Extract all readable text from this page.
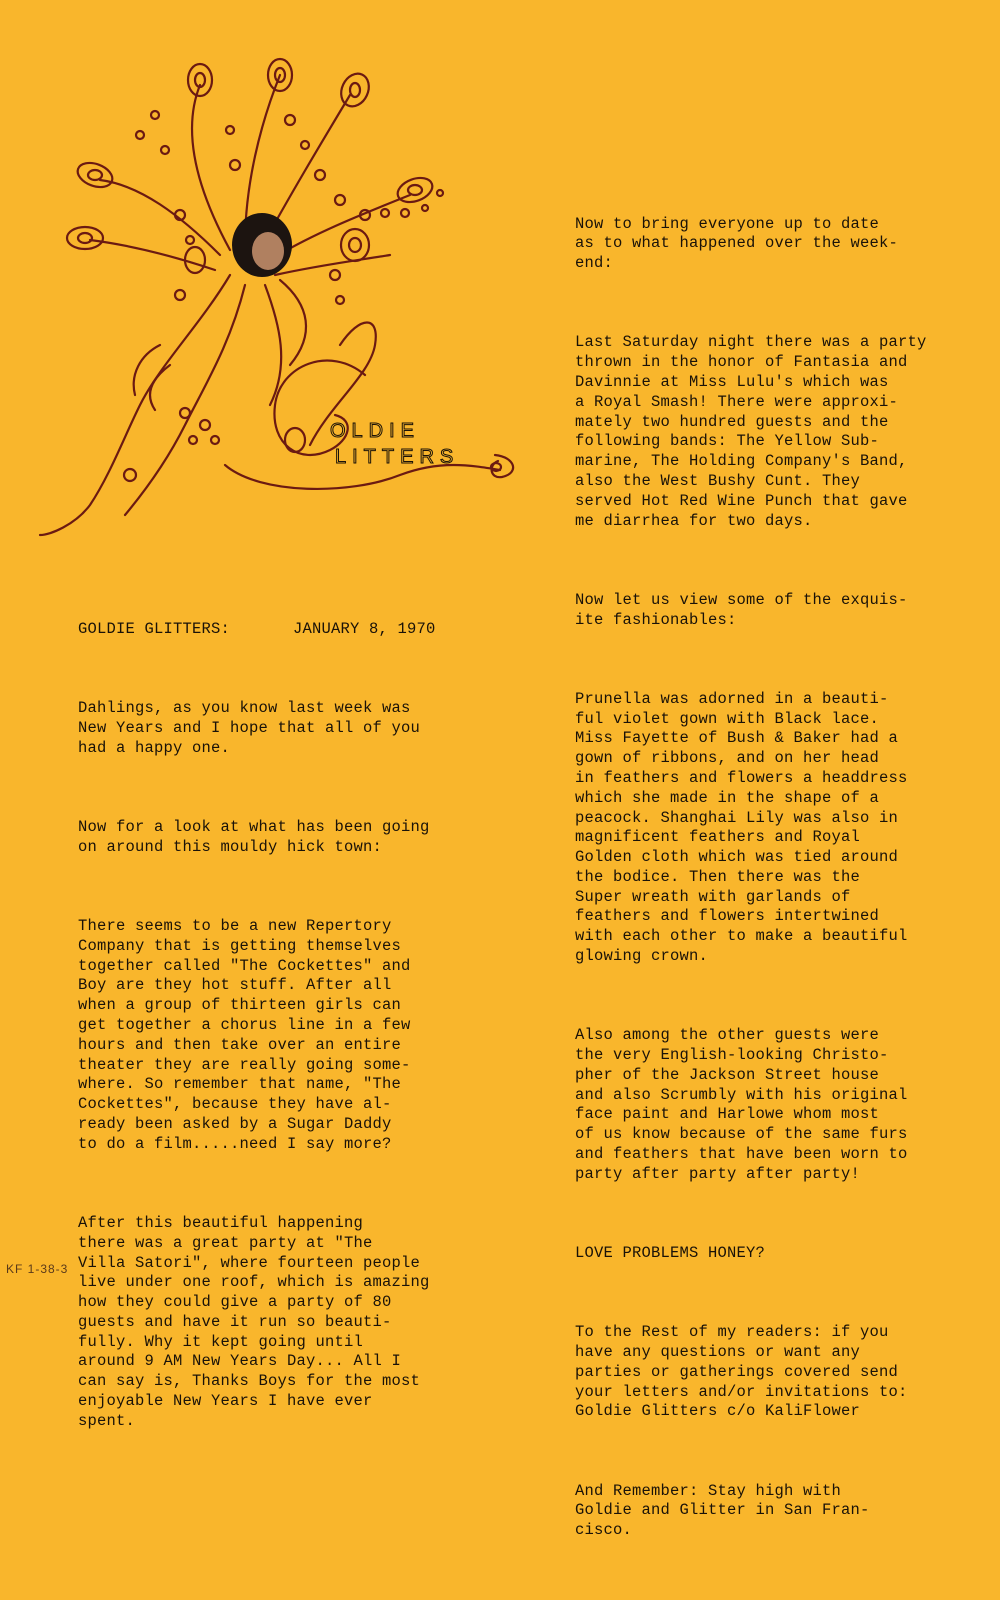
OLDIE
LITTERS

GOLDIE GLITTERS:

	JANUARY 8, 1970

Dahlings, as you know last week was
New Years and I hope that all of you
had a happy one.

Now for a look at what has been going
on around this mouldy hick town:

There seems to be a new Repertory
Company that is getting themselves
together called "The Cockettes" and
Boy are they hot stuff. After all
when a group of thirteen girls can
get together a chorus line in a few
hours and then take over an entire
theater they are really going some-
where. So remember that name, "The
Cockettes", because they have al-
ready been asked by a Sugar Daddy
to do a film.....need I say more?

After this beautiful happening
there was a great party at "The
Villa Satori", where fourteen people
live under one roof, which is amazing
how they could give a party of 80
guests and have it run so beauti-
fully. Why it kept going until
around 9 AM New Years Day... All I
can say is, Thanks Boys for the most
enjoyable New Years I have ever
spent.

Now to bring everyone up to date
as to what happened over the week-
end:

Last Saturday night there was a party
thrown in the honor of Fantasia and
Davinnie at Miss Lulu's which was
a Royal Smash! There were approxi-
mately two hundred guests and the
following bands: The Yellow Sub-
marine, The Holding Company's Band,
also the West Bushy Cunt. They
served Hot Red Wine Punch that gave
me diarrhea for two days.

Now let us view some of the exquis-
ite fashionables:

Prunella was adorned in a beauti-
ful violet gown with Black lace.
Miss Fayette of Bush & Baker had a
gown of ribbons, and on her head
in feathers and flowers a headdress
which she made in the shape of a
peacock. Shanghai Lily was also in
magnificent feathers and Royal
Golden cloth which was tied around
the bodice. Then there was the
Super wreath with garlands of
feathers and flowers intertwined
with each other to make a beautiful
glowing crown.

Also among the other guests were
the very English-looking Christo-
pher of the Jackson Street house
and also Scrumbly with his original
face paint and Harlowe whom most
of us know because of the same furs
and feathers that have been worn to
party after party after party!

LOVE PROBLEMS HONEY?

To the Rest of my readers: if you
have any questions or want any
parties or gatherings covered send
your letters and/or invitations to:
Goldie Glitters c/o KaliFlower

And Remember: Stay high with
Goldie and Glitter in San Fran-
cisco.

KF 1-38-3
